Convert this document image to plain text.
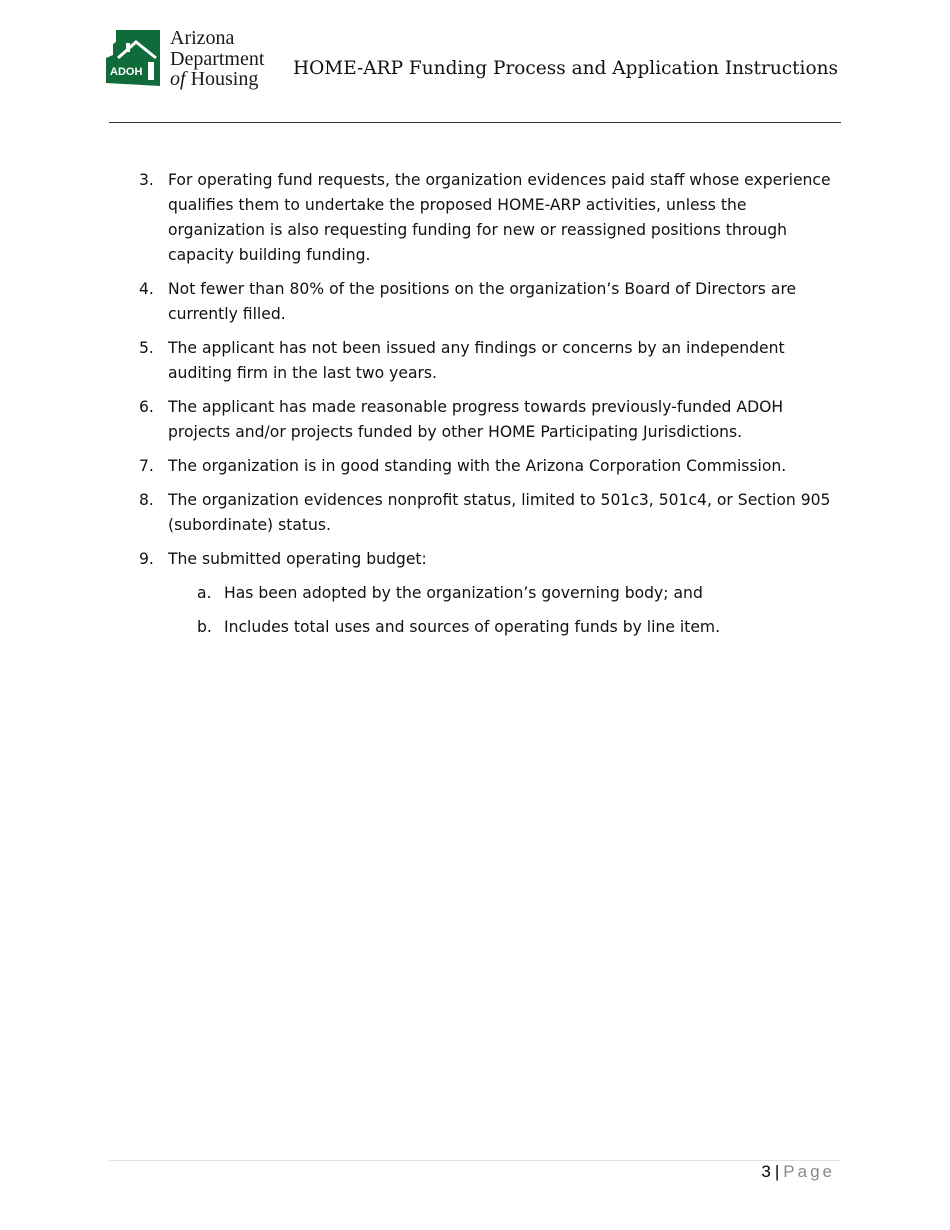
ADOH
Arizona
Department
of Housing	HOME-ARP Funding Process and Application Instructions
3. For operating fund requests, the organization evidences paid staff whose experience qualifies them to undertake the proposed HOME-ARP activities, unless the organization is also requesting funding for new or reassigned positions through capacity building funding.
4. Not fewer than 80% of the positions on the organization’s Board of Directors are currently filled.
5. The applicant has not been issued any findings or concerns by an independent auditing firm in the last two years.
6. The applicant has made reasonable progress towards previously-funded ADOH projects and/or projects funded by other HOME Participating Jurisdictions.
7. The organization is in good standing with the Arizona Corporation Commission.
8. The organization evidences nonprofit status, limited to 501c3, 501c4, or Section 905 (subordinate) status.
9. The submitted operating budget:
a. Has been adopted by the organization’s governing body; and
b. Includes total uses and sources of operating funds by line item.
3 | Page
